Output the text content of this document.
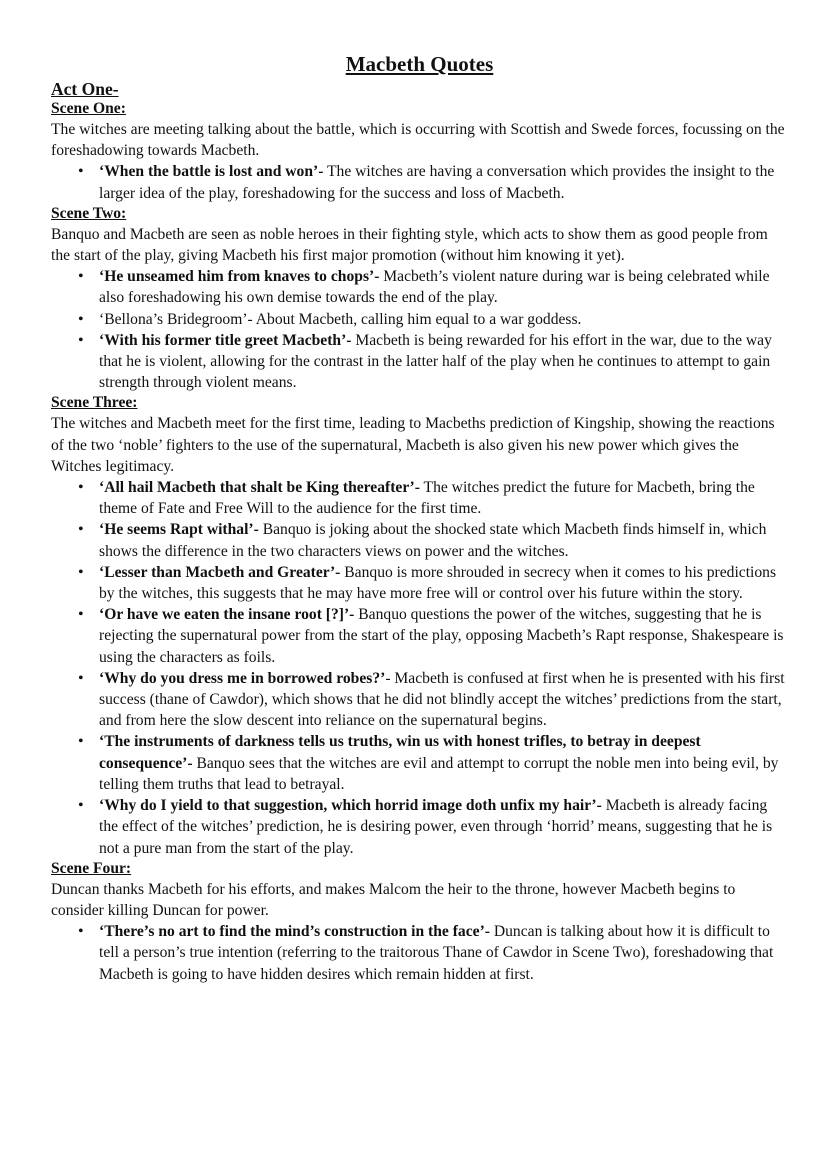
Macbeth Quotes
Act One-
Scene One:

The witches are meeting talking about the battle, which is occurring with Scottish and Swede forces, focussing on the foreshadowing towards Macbeth.

• ‘When the battle is lost and won’- The witches are having a conversation which provides the insight to the larger idea of the play, foreshadowing for the success and loss of Macbeth.
Scene Two:

Banquo and Macbeth are seen as noble heroes in their fighting style, which acts to show them as good people from the start of the play, giving Macbeth his first major promotion (without him knowing it yet).

• ‘He unseamed him from knaves to chops’- Macbeth’s violent nature during war is being celebrated while also foreshadowing his own demise towards the end of the play.
• ‘Bellona’s Bridegroom’- About Macbeth, calling him equal to a war goddess.
• ‘With his former title greet Macbeth’- Macbeth is being rewarded for his effort in the war, due to the way that he is violent, allowing for the contrast in the latter half of the play when he continues to attempt to gain strength through violent means.
Scene Three:

The witches and Macbeth meet for the first time, leading to Macbeths prediction of Kingship, showing the reactions of the two ‘noble’ fighters to the use of the supernatural, Macbeth is also given his new power which gives the Witches legitimacy.

• ‘All hail Macbeth that shalt be King thereafter’- The witches predict the future for Macbeth, bring the theme of Fate and Free Will to the audience for the first time.
• ‘He seems Rapt withal’- Banquo is joking about the shocked state which Macbeth finds himself in, which shows the difference in the two characters views on power and the witches.
• ‘Lesser than Macbeth and Greater’- Banquo is more shrouded in secrecy when it comes to his predictions by the witches, this suggests that he may have more free will or control over his future within the story.
• ‘Or have we eaten the insane root [?]’- Banquo questions the power of the witches, suggesting that he is rejecting the supernatural power from the start of the play, opposing Macbeth’s Rapt response, Shakespeare is using the characters as foils.
• ‘Why do you dress me in borrowed robes?’- Macbeth is confused at first when he is presented with his first success (thane of Cawdor), which shows that he did not blindly accept the witches’ predictions from the start, and from here the slow descent into reliance on the supernatural begins.
• ‘The instruments of darkness tells us truths, win us with honest trifles, to betray in deepest consequence’- Banquo sees that the witches are evil and attempt to corrupt the noble men into being evil, by telling them truths that lead to betrayal.
• ‘Why do I yield to that suggestion, which horrid image doth unfix my hair’- Macbeth is already facing the effect of the witches’ prediction, he is desiring power, even through ‘horrid’ means, suggesting that he is not a pure man from the start of the play.
Scene Four:

Duncan thanks Macbeth for his efforts, and makes Malcom the heir to the throne, however Macbeth begins to consider killing Duncan for power.

• ‘There’s no art to find the mind’s construction in the face’- Duncan is talking about how it is difficult to tell a person’s true intention (referring to the traitorous Thane of Cawdor in Scene Two), foreshadowing that Macbeth is going to have hidden desires which remain hidden at first.
